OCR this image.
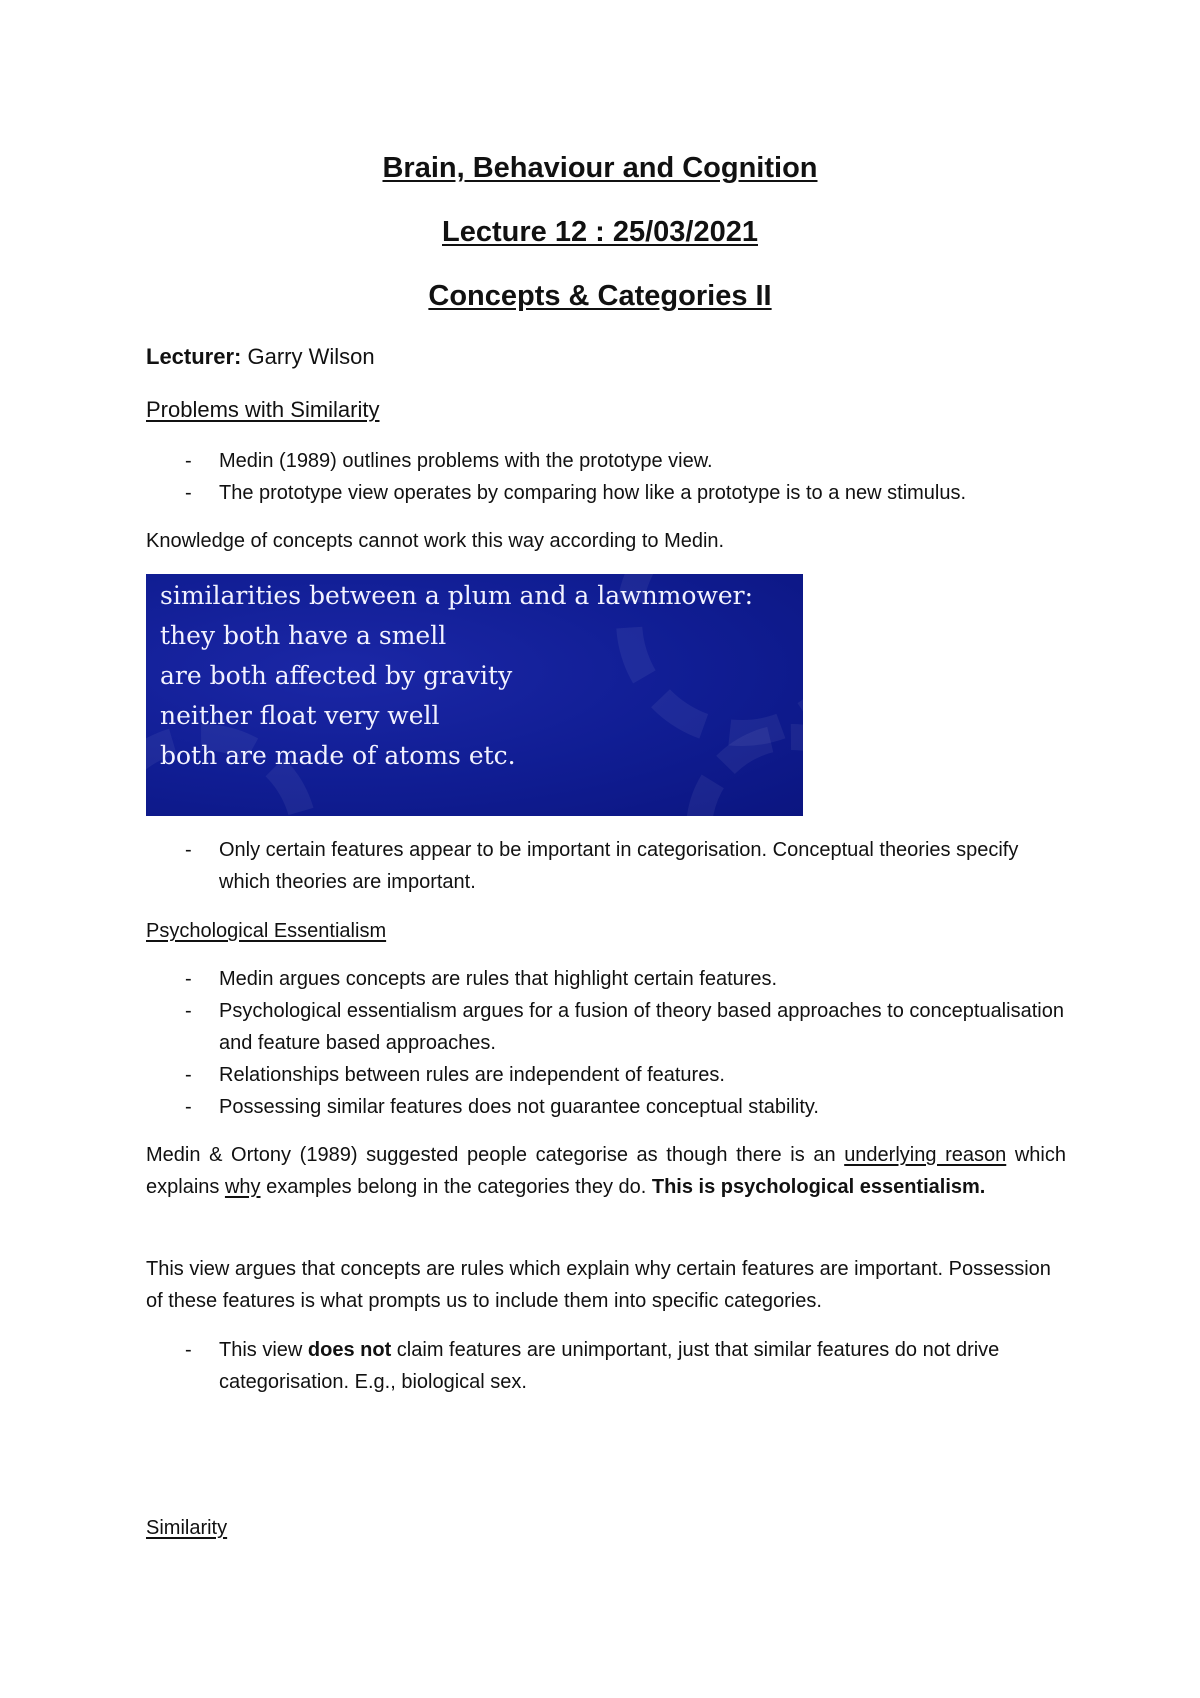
Brain, Behaviour and Cognition
Lecture 12 : 25/03/2021
Concepts & Categories II
Lecturer: Garry Wilson
Problems with Similarity
- Medin (1989) outlines problems with the prototype view.
- The prototype view operates by comparing how like a prototype is to a new stimulus.

Knowledge of concepts cannot work this way according to Medin.

similarities between a plum and a lawnmower:
they both have a smell
are both affected by gravity
neither float very well
both are made of atoms etc.
- Only certain features appear to be important in categorisation. Conceptual theories specify which theories are important.
Psychological Essentialism
- Medin argues concepts are rules that highlight certain features.
- Psychological essentialism argues for a fusion of theory based approaches to conceptualisation and feature based approaches.
- Relationships between rules are independent of features.
- Possessing similar features does not guarantee conceptual stability.

Medin & Ortony (1989) suggested people categorise as though there is an underlying reason which explains why examples belong in the categories they do. This is psychological essentialism.

This view argues that concepts are rules which explain why certain features are important. Possession of these features is what prompts us to include them into specific categories.

- This view does not claim features are unimportant, just that similar features do not drive categorisation. E.g., biological sex.
Similarity
